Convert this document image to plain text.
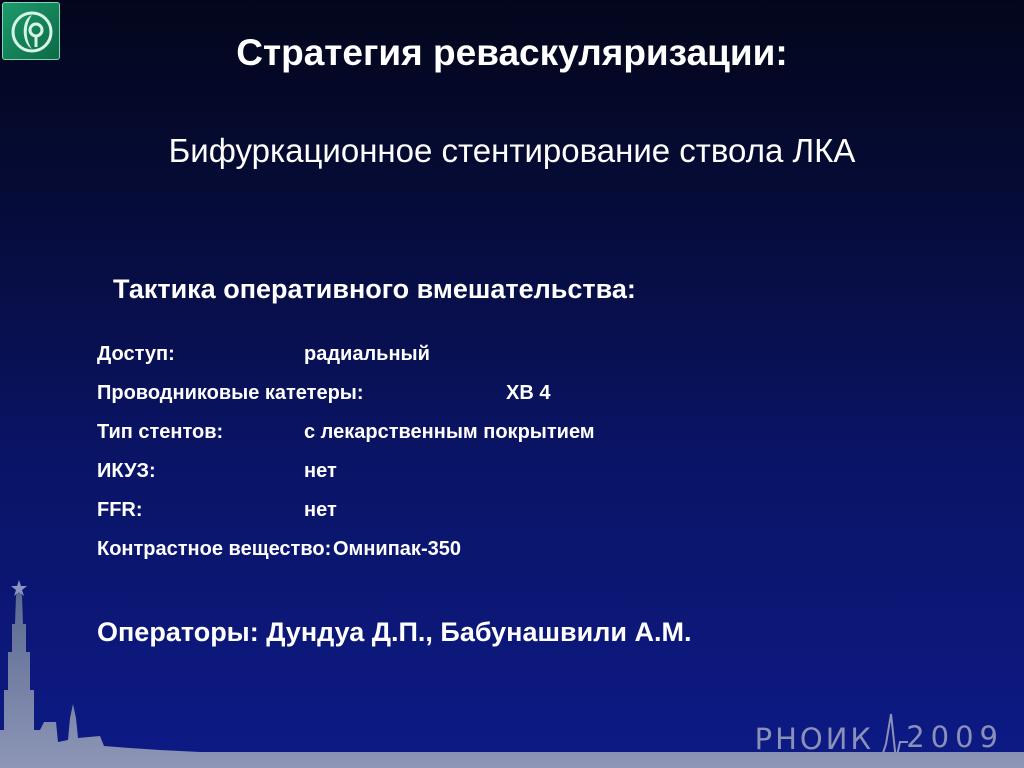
Стратегия реваскуляризации:
Бифуркационное стентирование ствола ЛКА
Тактика оперативного вмешательства:
Доступ:	радиальный
Проводниковые катетеры:	ХВ 4
Тип стентов:	с лекарственным покрытием
ИКУЗ:	нет
FFR:	нет
Контрастное вещество: Омнипак-350

Операторы: Дундуа Д.П., Бабунашвили А.М.

РНОИК 2009
